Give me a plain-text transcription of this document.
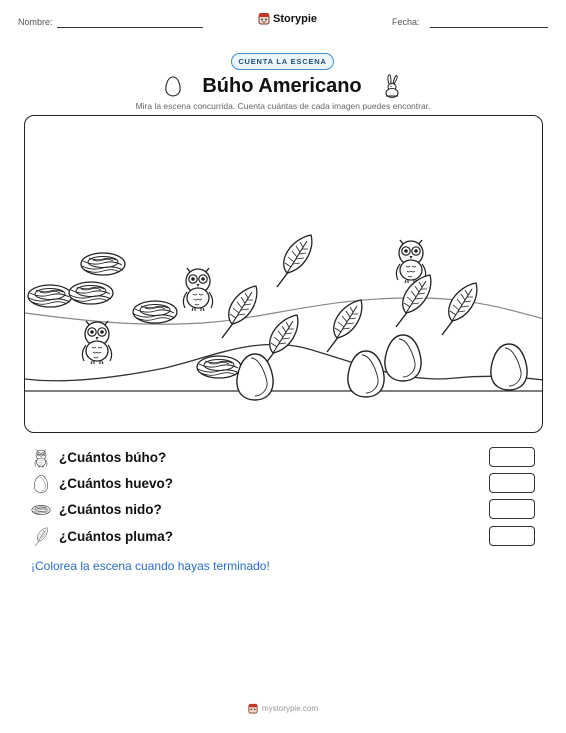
Nombre:	Storypie	Fecha:
CUENTA LA ESCENA
Búho Americano
Mira la escena concurrida. Cuenta cuántas de cada imagen puedes encontrar.
¿Cuántos búho?
¿Cuántos huevo?
¿Cuántos nido?
¿Cuántos pluma?
¡Colorea la escena cuando hayas terminado!
mystorypie.com
